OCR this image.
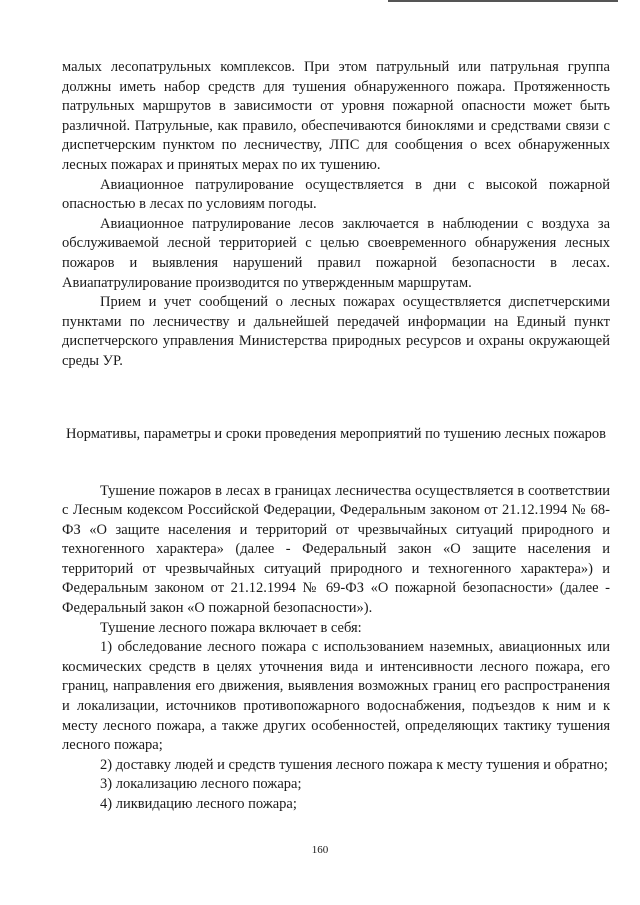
малых лесопатрульных комплексов. При этом патрульный или патрульная группа должны иметь набор средств для тушения обнаруженного пожара. Протяженность патрульных маршрутов в зависимости от уровня пожарной опасности может быть различной. Патрульные, как правило, обеспечиваются биноклями и средствами связи с диспетчерским пунктом по лесничеству, ЛПС для сообщения о всех обнаруженных лесных пожарах и принятых мерах по их тушению.

Авиационное патрулирование осуществляется в дни с высокой пожарной опасностью в лесах по условиям погоды.

Авиационное патрулирование лесов заключается в наблюдении с воздуха за обслуживаемой лесной территорией с целью своевременного обнаружения лесных пожаров и выявления нарушений правил пожарной безопасности в лесах. Авиапатрулирование производится по утвержденным маршрутам.

Прием и учет сообщений о лесных пожарах осуществляется диспетчерскими пунктами по лесничеству и дальнейшей передачей информации на Единый пункт диспетчерского управления Министерства природных ресурсов и охраны окружающей среды УР.

Нормативы, параметры и сроки проведения мероприятий по тушению лесных пожаров

Тушение пожаров в лесах в границах лесничества осуществляется в соответствии с Лесным кодексом Российской Федерации, Федеральным законом от 21.12.1994 № 68-ФЗ «О защите населения и территорий от чрезвычайных ситуаций природного и техногенного характера» (далее - Федеральный закон «О защите населения и территорий от чрезвычайных ситуаций природного и техногенного характера») и Федеральным законом от 21.12.1994 № 69-ФЗ «О пожарной безопасности» (далее - Федеральный закон «О пожарной безопасности»).

Тушение лесного пожара включает в себя:

1) обследование лесного пожара с использованием наземных, авиационных или космических средств в целях уточнения вида и интенсивности лесного пожара, его границ, направления его движения, выявления возможных границ его распространения и локализации, источников противопожарного водоснабжения, подъездов к ним и к месту лесного пожара, а также других особенностей, определяющих тактику тушения лесного пожара;

2) доставку людей и средств тушения лесного пожара к месту тушения и обратно;

3) локализацию лесного пожара;

4) ликвидацию лесного пожара;

160
